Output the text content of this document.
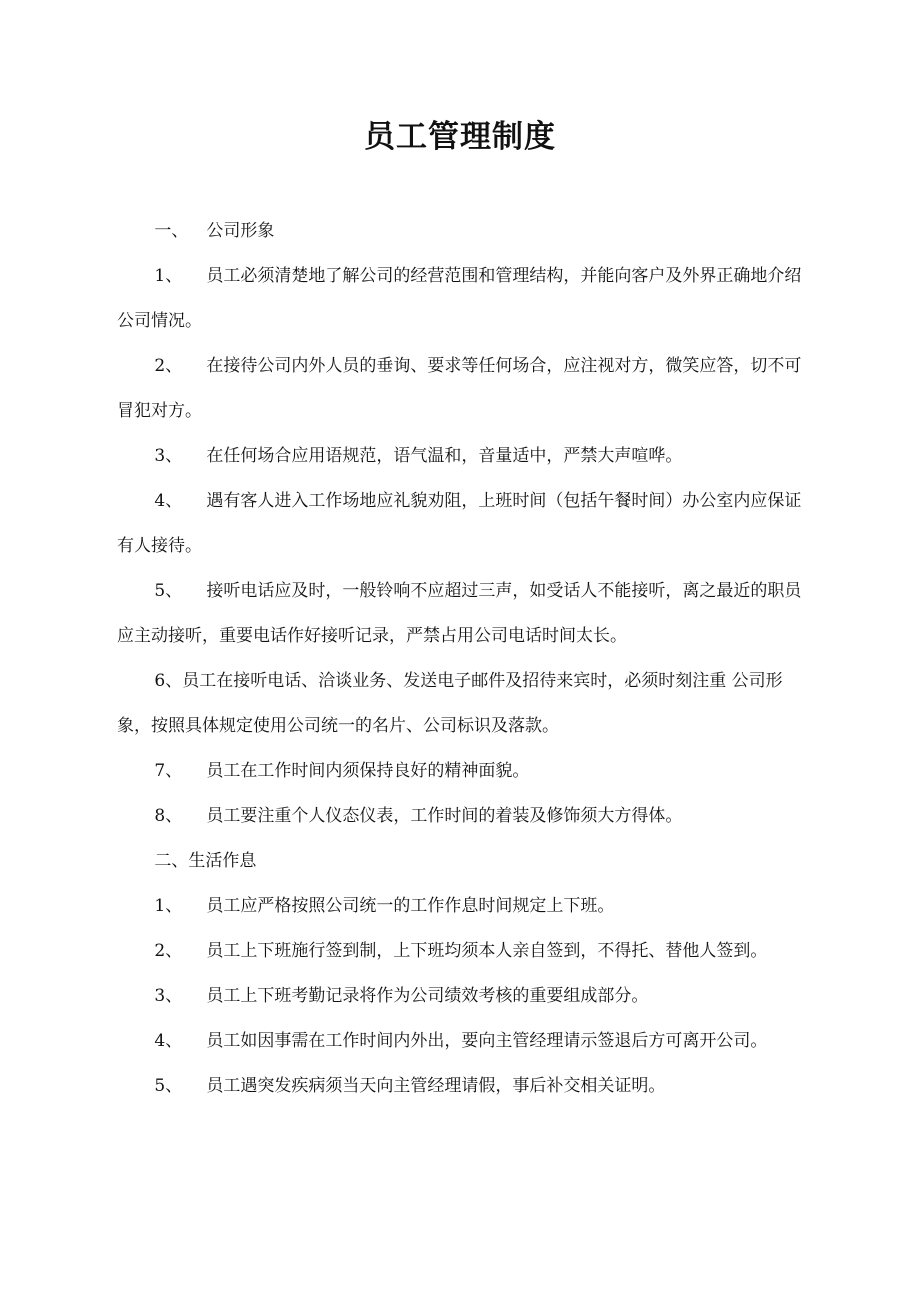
员工管理制度

一、 公司形象

1、 员工必须清楚地了解公司的经营范围和管理结构，并能向客户及外界正确地介绍公司情况。

2、 在接待公司内外人员的垂询、要求等任何场合，应注视对方，微笑应答，切不可冒犯对方。

3、 在任何场合应用语规范，语气温和，音量适中，严禁大声喧哗。

4、 遇有客人进入工作场地应礼貌劝阻，上班时间（包括午餐时间）办公室内应保证有人接待。

5、 接听电话应及时，一般铃响不应超过三声，如受话人不能接听，离之最近的职员应主动接听，重要电话作好接听记录，严禁占用公司电话时间太长。

6、员工在接听电话、洽谈业务、发送电子邮件及招待来宾时，必须时刻注重 公司形象，按照具体规定使用公司统一的名片、公司标识及落款。

7、 员工在工作时间内须保持良好的精神面貌。

8、 员工要注重个人仪态仪表，工作时间的着装及修饰须大方得体。

二、生活作息

1、 员工应严格按照公司统一的工作作息时间规定上下班。

2、 员工上下班施行签到制，上下班均须本人亲自签到，不得托、替他人签到。

3、 员工上下班考勤记录将作为公司绩效考核的重要组成部分。

4、 员工如因事需在工作时间内外出，要向主管经理请示签退后方可离开公司。

5、 员工遇突发疾病须当天向主管经理请假，事后补交相关证明。
